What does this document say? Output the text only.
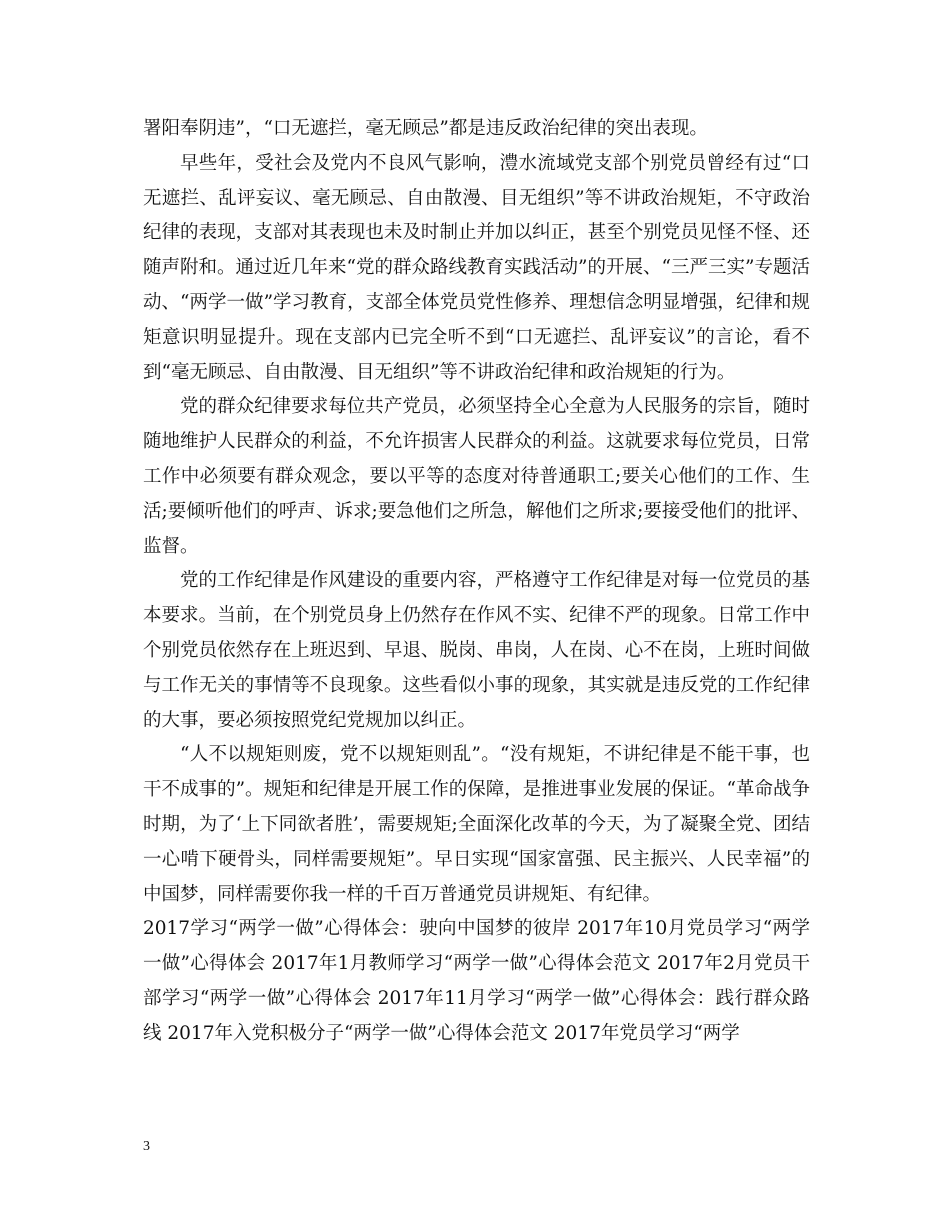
署阳奉阴违”，“口无遮拦，毫无顾忌”都是违反政治纪律的突出表现。

早些年，受社会及党内不良风气影响，澧水流域党支部个别党员曾经有过“口无遮拦、乱评妄议、毫无顾忌、自由散漫、目无组织”等不讲政治规矩，不守政治纪律的表现，支部对其表现也未及时制止并加以纠正，甚至个别党员见怪不怪、还随声附和。通过近几年来“党的群众路线教育实践活动”的开展、“三严三实”专题活动、“两学一做”学习教育，支部全体党员党性修养、理想信念明显增强，纪律和规矩意识明显提升。现在支部内已完全听不到“口无遮拦、乱评妄议”的言论，看不到“毫无顾忌、自由散漫、目无组织”等不讲政治纪律和政治规矩的行为。

党的群众纪律要求每位共产党员，必须坚持全心全意为人民服务的宗旨，随时随地维护人民群众的利益，不允许损害人民群众的利益。这就要求每位党员，日常工作中必须要有群众观念，要以平等的态度对待普通职工;要关心他们的工作、生活;要倾听他们的呼声、诉求;要急他们之所急，解他们之所求;要接受他们的批评、监督。

党的工作纪律是作风建设的重要内容，严格遵守工作纪律是对每一位党员的基本要求。当前，在个别党员身上仍然存在作风不实、纪律不严的现象。日常工作中个别党员依然存在上班迟到、早退、脱岗、串岗，人在岗、心不在岗，上班时间做与工作无关的事情等不良现象。这些看似小事的现象，其实就是违反党的工作纪律的大事，要必须按照党纪党规加以纠正。

“人不以规矩则废，党不以规矩则乱”。“没有规矩，不讲纪律是不能干事，也干不成事的”。规矩和纪律是开展工作的保障，是推进事业发展的保证。“革命战争时期，为了‘上下同欲者胜’，需要规矩;全面深化改革的今天，为了凝聚全党、团结一心啃下硬骨头，同样需要规矩”。早日实现“国家富强、民主振兴、人民幸福”的中国梦，同样需要你我一样的千百万普通党员讲规矩、有纪律。

2017学习“两学一做”心得体会：驶向中国梦的彼岸 2017年10月党员学习“两学一做”心得体会 2017年1月教师学习“两学一做”心得体会范文 2017年2月党员干部学习“两学一做”心得体会 2017年11月学习“两学一做”心得体会：践行群众路线 2017年入党积极分子“两学一做”心得体会范文 2017年党员学习“两学

3
